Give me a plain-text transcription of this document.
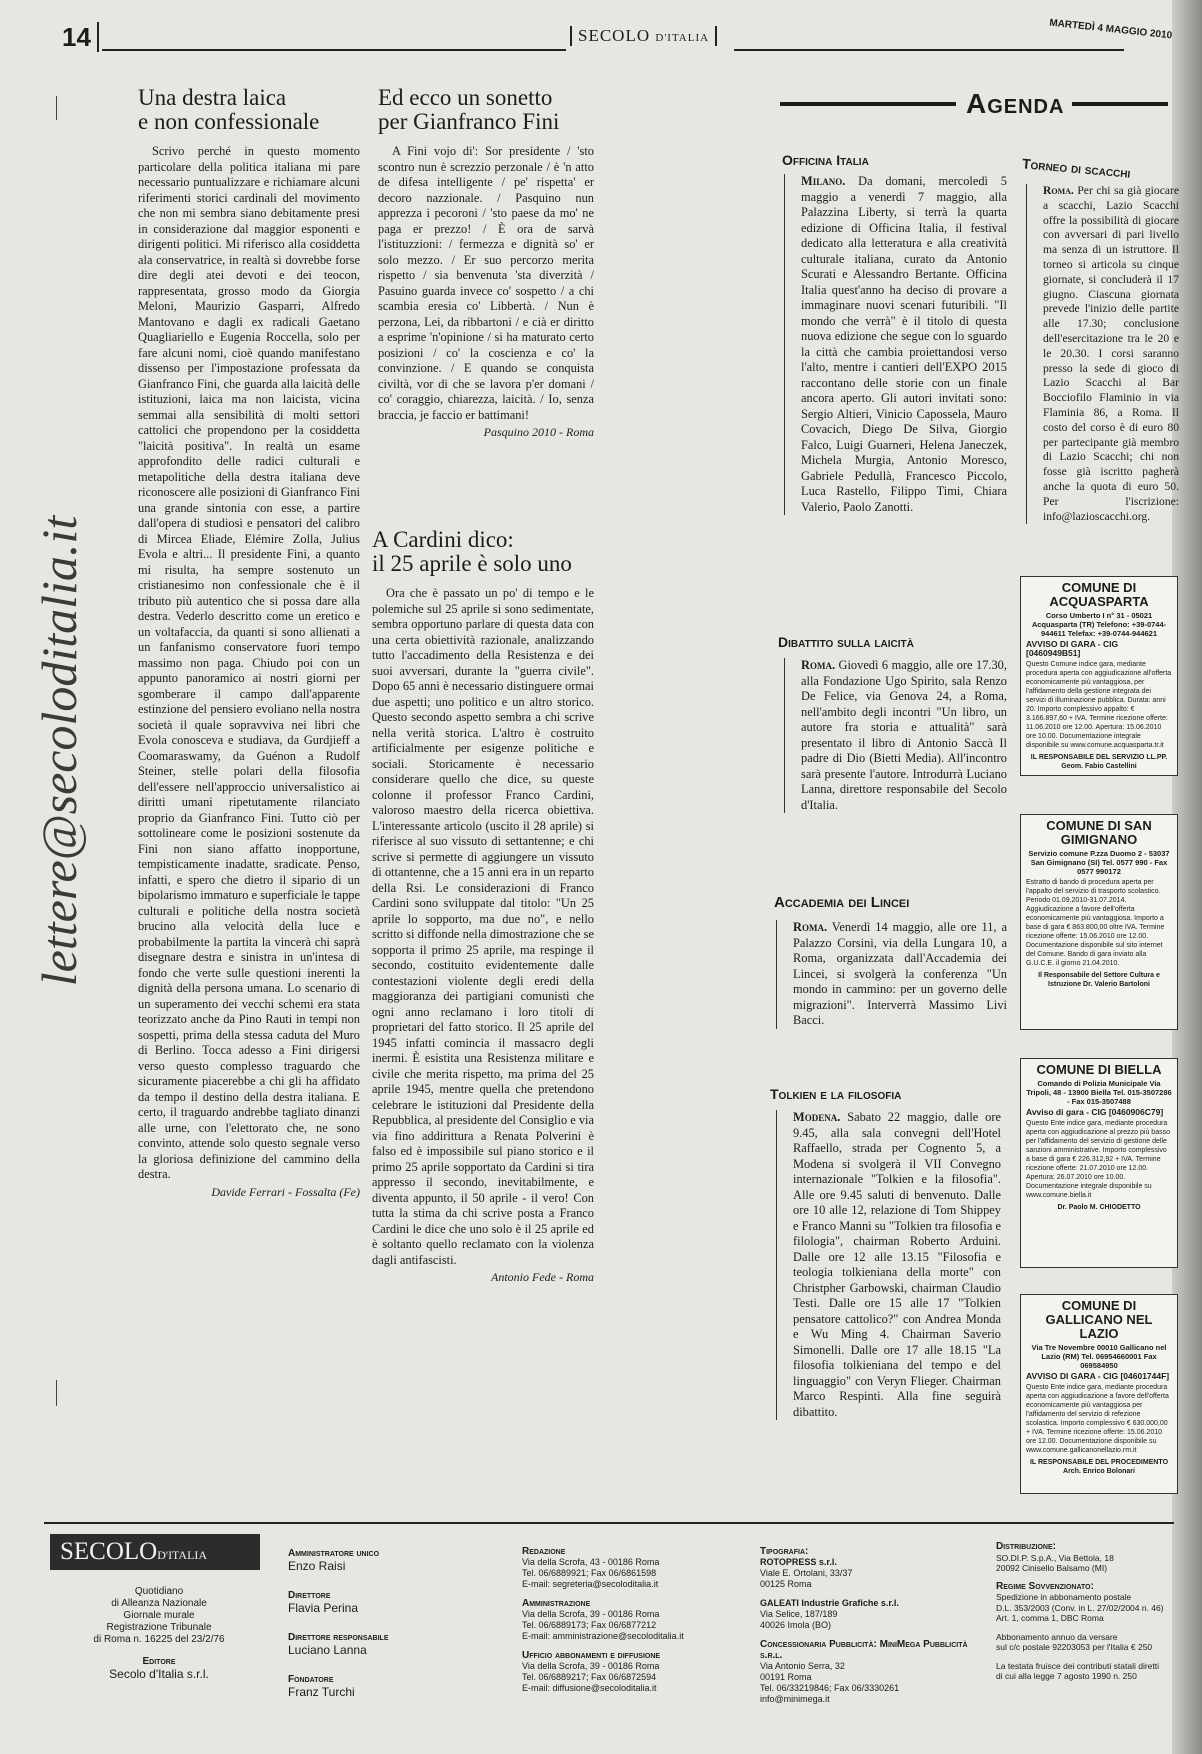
14	SECOLO D'ITALIA	MARTEDÌ 4 MAGGIO 2010
lettere@secoloditalia.it
Una destra laica
e non confessionale

Scrivo perché in questo momento particolare della politica italiana mi pare necessario puntualizzare e richiamare alcuni riferimenti storici cardinali del movimento che non mi sembra siano debitamente presi in considerazione dal maggior esponenti e dirigenti politici. Mi riferisco alla cosiddetta ala conservatrice, in realtà si dovrebbe forse dire degli atei devoti e dei teocon, rappresentata, grosso modo da Giorgia Meloni, Maurizio Gasparri, Alfredo Mantovano e dagli ex radicali Gaetano Quagliariello e Eugenia Roccella, solo per fare alcuni nomi, cioè quando manifestano dissenso per l'impostazione professata da Gianfranco Fini, che guarda alla laicità delle istituzioni, laica ma non laicista, vicina semmai alla sensibilità di molti settori cattolici che propendono per la cosiddetta "laicità positiva". In realtà un esame approfondito delle radici culturali e metapolitiche della destra italiana deve riconoscere alle posizioni di Gianfranco Fini una grande sintonia con esse, a partire dall'opera di studiosi e pensatori del calibro di Mircea Eliade, Elémire Zolla, Julius Evola e altri... Il presidente Fini, a quanto mi risulta, ha sempre sostenuto un cristianesimo non confessionale che è il tributo più autentico che si possa dare alla destra. Vederlo descritto come un eretico e un voltafaccia, da quanti si sono allienati a un fanfanismo conservatore fuori tempo massimo non paga. Chiudo poi con un appunto panoramico ai nostri giorni per sgomberare il campo dall'apparente estinzione del pensiero evoliano nella nostra società il quale sopravviva nei libri che Evola conosceva e studiava, da Gurdjieff a Coomaraswamy, da Guénon a Rudolf Steiner, stelle polari della filosofia dell'essere nell'approccio universalistico ai diritti umani ripetutamente rilanciato proprio da Gianfranco Fini. Tutto ciò per sottolineare come le posizioni sostenute da Fini non siano affatto inopportune, tempisticamente inadatte, sradicate. Penso, infatti, e spero che dietro il sipario di un bipolarismo immaturo e superficiale le tappe culturali e politiche della nostra società brucino alla velocità della luce e probabilmente la partita la vincerà chi saprà disegnare destra e sinistra in un'intesa di fondo che verte sulle questioni inerenti la dignità della persona umana. Lo scenario di un superamento dei vecchi schemi era stata teorizzato anche da Pino Rauti in tempi non sospetti, prima della stessa caduta del Muro di Berlino. Tocca adesso a Fini dirigersi verso questo complesso traguardo che sicuramente piacerebbe a chi gli ha affidato da tempo il destino della destra italiana. E certo, il traguardo andrebbe tagliato dinanzi alle urne, con l'elettorato che, ne sono convinto, attende solo questo segnale verso la gloriosa definizione del cammino della destra.

Davide Ferrari - Fossalta (Fe)
Ed ecco un sonetto
per Gianfranco Fini

A Fini vojo di': Sor presidente / 'sto scontro nun è screzzio perzonale / è 'n atto de difesa intelligente / pe' rispetta' er decoro nazzionale. / Pasquino nun apprezza i pecoroni / 'sto paese da mo' ne paga er prezzo! / È ora de sarvà l'istituzzioni: / fermezza e dignità so' er solo mezzo. / Er suo percorzo merita rispetto / sia benvenuta 'sta diverzità / Pasuino guarda invece co' sospetto / a chi scambia eresia co' Libbertà. / Nun è perzona, Lei, da ribbartoni / e cià er diritto a esprime 'n'opinione / si ha maturato certo posizioni / co' la coscienza e co' la convinzione. / E quando se conquista civiltà, vor di che se lavora p'er domani / co' coraggio, chiarezza, laicità. / Io, senza braccia, je faccio er battimani!

Pasquino 2010 - Roma
A Cardini dico:
il 25 aprile è solo uno

Ora che è passato un po' di tempo e le polemiche sul 25 aprile si sono sedimentate, sembra opportuno parlare di questa data con una certa obiettività razionale, analizzando tutto l'accadimento della Resistenza e dei suoi avversari, durante la "guerra civile". Dopo 65 anni è necessario distinguere ormai due aspetti; uno politico e un altro storico. Questo secondo aspetto sembra a chi scrive nella verità storica. L'altro è costruito artificialmente per esigenze politiche e sociali. Storicamente è necessario considerare quello che dice, su queste colonne il professor Franco Cardini, valoroso maestro della ricerca obiettiva. L'interessante articolo (uscito il 28 aprile) si riferisce al suo vissuto di settantenne; e chi scrive si permette di aggiungere un vissuto di ottantenne, che a 15 anni era in un reparto della Rsi. Le considerazioni di Franco Cardini sono sviluppate dal titolo: "Un 25 aprile lo sopporto, ma due no", e nello scritto si diffonde nella dimostrazione che se sopporta il primo 25 aprile, ma respinge il secondo, costituito evidentemente dalle contestazioni violente degli eredi della maggioranza dei partigiani comunisti che ogni anno reclamano i loro titoli di proprietari del fatto storico. Il 25 aprile del 1945 infatti comincia il massacro degli inermi. È esistita una Resistenza militare e civile che merita rispetto, ma prima del 25 aprile 1945, mentre quella che pretendono celebrare le istituzioni dal Presidente della Repubblica, al presidente del Consiglio e via via fino addirittura a Renata Polverini è falso ed è impossibile sul piano storico e il primo 25 aprile sopportato da Cardini si tira appresso il secondo, inevitabilmente, e diventa appunto, il 50 aprile - il vero! Con tutta la stima da chi scrive posta a Franco Cardini le dice che uno solo è il 25 aprile ed è soltanto quello reclamato con la violenza dagli antifascisti.

Antonio Fede - Roma
Agenda
Officina Italia

Milano. Da domani, mercoledì 5 maggio a venerdì 7 maggio, alla Palazzina Liberty, si terrà la quarta edizione di Officina Italia, il festival dedicato alla letteratura e alla creatività culturale italiana, curato da Antonio Scurati e Alessandro Bertante. Officina Italia quest'anno ha deciso di provare a immaginare nuovi scenari futuribili. "Il mondo che verrà" è il titolo di questa nuova edizione che segue con lo sguardo la città che cambia proiettandosi verso l'alto, mentre i cantieri dell'EXPO 2015 raccontano delle storie con un finale ancora aperto. Gli autori invitati sono: Sergio Altieri, Vinicio Capossela, Mauro Covacich, Diego De Silva, Giorgio Falco, Luigi Guarneri, Helena Janeczek, Michela Murgia, Antonio Moresco, Gabriele Pedullà, Francesco Piccolo, Luca Rastello, Filippo Timi, Chiara Valerio, Paolo Zanotti.

Torneo di scacchi

Roma. Per chi sa già giocare a scacchi, Lazio Scacchi offre la possibilità di giocare con avversari di pari livello ma senza di un istruttore. Il torneo si articola su cinque giornate, si concluderà il 17 giugno. Ciascuna giornata prevede l'inizio delle partite alle 17.30; conclusione dell'esercitazione tra le 20 e le 20.30. I corsi saranno presso la sede di gioco di Lazio Scacchi al Bar Bocciofilo Flaminio in via Flaminia 86, a Roma. Il costo del corso è di euro 80 per partecipante già membro di Lazio Scacchi; chi non fosse già iscritto pagherà anche la quota di euro 50. Per l'iscrizione: info@lazioscacchi.org.

Dibattito sulla laicità

Roma. Giovedì 6 maggio, alle ore 17.30, alla Fondazione Ugo Spirito, sala Renzo De Felice, via Genova 24, a Roma, nell'ambito degli incontri "Un libro, un autore fra storia e attualità" sarà presentato il libro di Antonio Saccà Il padre di Dio (Bietti Media). All'incontro sarà presente l'autore. Introdurrà Luciano Lanna, direttore responsabile del Secolo d'Italia.

Accademia dei Lincei

Roma. Venerdì 14 maggio, alle ore 11, a Palazzo Corsini, via della Lungara 10, a Roma, organizzata dall'Accademia dei Lincei, si svolgerà la conferenza "Un mondo in cammino: per un governo delle migrazioni". Interverrà Massimo Livi Bacci.

Tolkien e la filosofia

Modena. Sabato 22 maggio, dalle ore 9.45, alla sala convegni dell'Hotel Raffaello, strada per Cognento 5, a Modena si svolgerà il VII Convegno internazionale "Tolkien e la filosofia". Alle ore 9.45 saluti di benvenuto. Dalle ore 10 alle 12, relazione di Tom Shippey e Franco Manni su "Tolkien tra filosofia e filologia", chairman Roberto Arduini. Dalle ore 12 alle 13.15 "Filosofia e teologia tolkieniana della morte" con Christpher Garbowski, chairman Claudio Testi. Dalle ore 15 alle 17 "Tolkien pensatore cattolico?" con Andrea Monda e Wu Ming 4. Chairman Saverio Simonelli. Dalle ore 17 alle 18.15 "La filosofia tolkieniana del tempo e del linguaggio" con Veryn Flieger. Chairman Marco Respinti. Alla fine seguirà dibattito.

COMUNE DI ACQUASPARTA
Corso Umberto I n° 31 - 05021 Acquasparta (TR) Telefono: +39-0744-944611 Telefax: +39-0744-944621
AVVISO DI GARA - CIG [0460949B51]
Questo Comune indice gara, mediante procedura aperta con aggiudicazione all'offerta economicamente più vantaggiosa, per l'affidamento della gestione integrata dei servizi di illuminazione pubblica. Durata: anni 20. Importo complessivo appalto: € 3.166.897,60 + IVA. Termine ricezione offerte: 11.06.2010 ore 12.00. Apertura: 15.06.2010 ore 10.00. Documentazione integrale disponibile su www.comune.acquasparta.tr.it
IL RESPONSABILE DEL SERVIZIO LL.PP. Geom. Fabio Castellini
COMUNE DI SAN GIMIGNANO
Servizio comune P.zza Duomo 2 - 53037 San Gimignano (SI) Tel. 0577 990 - Fax 0577 990172
Estratto di bando di procedura aperta per l'appalto del servizio di trasporto scolastico. Periodo 01.09.2010-31.07.2014. Aggiudicazione a favore dell'offerta economicamente più vantaggiosa. Importo a base di gara € 863.800,00 oltre IVA. Termine ricezione offerte: 15.06.2010 ore 12.00. Documentazione disponibile sul sito internet del Comune. Bando di gara inviato alla G.U.C.E. il giorno 21.04.2010.
Il Responsabile del Settore Cultura e Istruzione Dr. Valerio Bartoloni
COMUNE DI BIELLA
Comando di Polizia Municipale Via Tripoli, 48 - 13900 Biella Tel. 015-3507286 - Fax 015-3507488
Avviso di gara - CIG [0460906C79]
Questo Ente indice gara, mediante procedura aperta con aggiudicazione al prezzo più basso per l'affidamento del servizio di gestione delle sanzioni amministrative. Importo complessivo a base di gara € 226.312,92 + IVA. Termine ricezione offerte: 21.07.2010 ore 12.00. Apertura: 26.07.2010 ore 10.00. Documentazione integrale disponibile su www.comune.biella.it
Dr. Paolo M. CHIODETTO
COMUNE DI GALLICANO NEL LAZIO
Via Tre Novembre 00010 Gallicano nel Lazio (RM) Tel. 06954660001 Fax 069584950
AVVISO DI GARA - CIG [04601744F]
Questo Ente indice gara, mediante procedura aperta con aggiudicazione a favore dell'offerta economicamente più vantaggiosa per l'affidamento del servizio di refezione scolastica. Importo complessivo € 630.000,00 + IVA. Termine ricezione offerte: 15.06.2010 ore 12.00. Documentazione disponibile su www.comune.gallicanonellazio.rm.it
IL RESPONSABILE DEL PROCEDIMENTO Arch. Enrico Bolonari
SECOLOD'ITALIA
Quotidiano
di Alleanza Nazionale
Giornale murale
Registrazione Tribunale
di Roma n. 16225 del 23/2/76
Editore
Secolo d'Italia s.r.l.
Amministratore unico
Enzo Raisi
Direttore
Flavia Perina
Direttore responsabile
Luciano Lanna
Fondatore
Franz Turchi
Redazione
Via della Scrofa, 43 - 00186 Roma
Tel. 06/6889921; Fax 06/6861598
E-mail: segreteria@secoloditalia.it
Amministrazione
Via della Scrofa, 39 - 00186 Roma
Tel. 06/6889173; Fax 06/6877212
E-mail: amministrazione@secoloditalia.it
Ufficio abbonamenti e diffusione
Via della Scrofa, 39 - 00186 Roma
Tel. 06/6889217; Fax 06/6872594
E-mail: diffusione@secoloditalia.it
Tipografia:
ROTOPRESS s.r.l.
Viale E. Ortolani, 33/37
00125 Roma
GALEATI Industrie Grafiche s.r.l.
Via Selice, 187/189
40026 Imola (BO)
Concessionaria Pubblicità: MiniMega Pubblicità s.r.l.
Via Antonio Serra, 32
00191 Roma
Tel. 06/33219846; Fax 06/3330261
info@minimega.it
Distribuzione:
SO.DI.P. S.p.A., Via Bettola, 18
20092 Cinisello Balsamo (MI)
Regime Sovvenzionato:
Spedizione in abbonamento postale
D.L. 353/2003 (Conv. in L. 27/02/2004 n. 46)
Art. 1, comma 1, DBC Roma
Abbonamento annuo da versare
sul c/c postale 92203053 per l'Italia € 250
La testata fruisce dei contributi statali diretti
di cui alla legge 7 agosto 1990 n. 250
